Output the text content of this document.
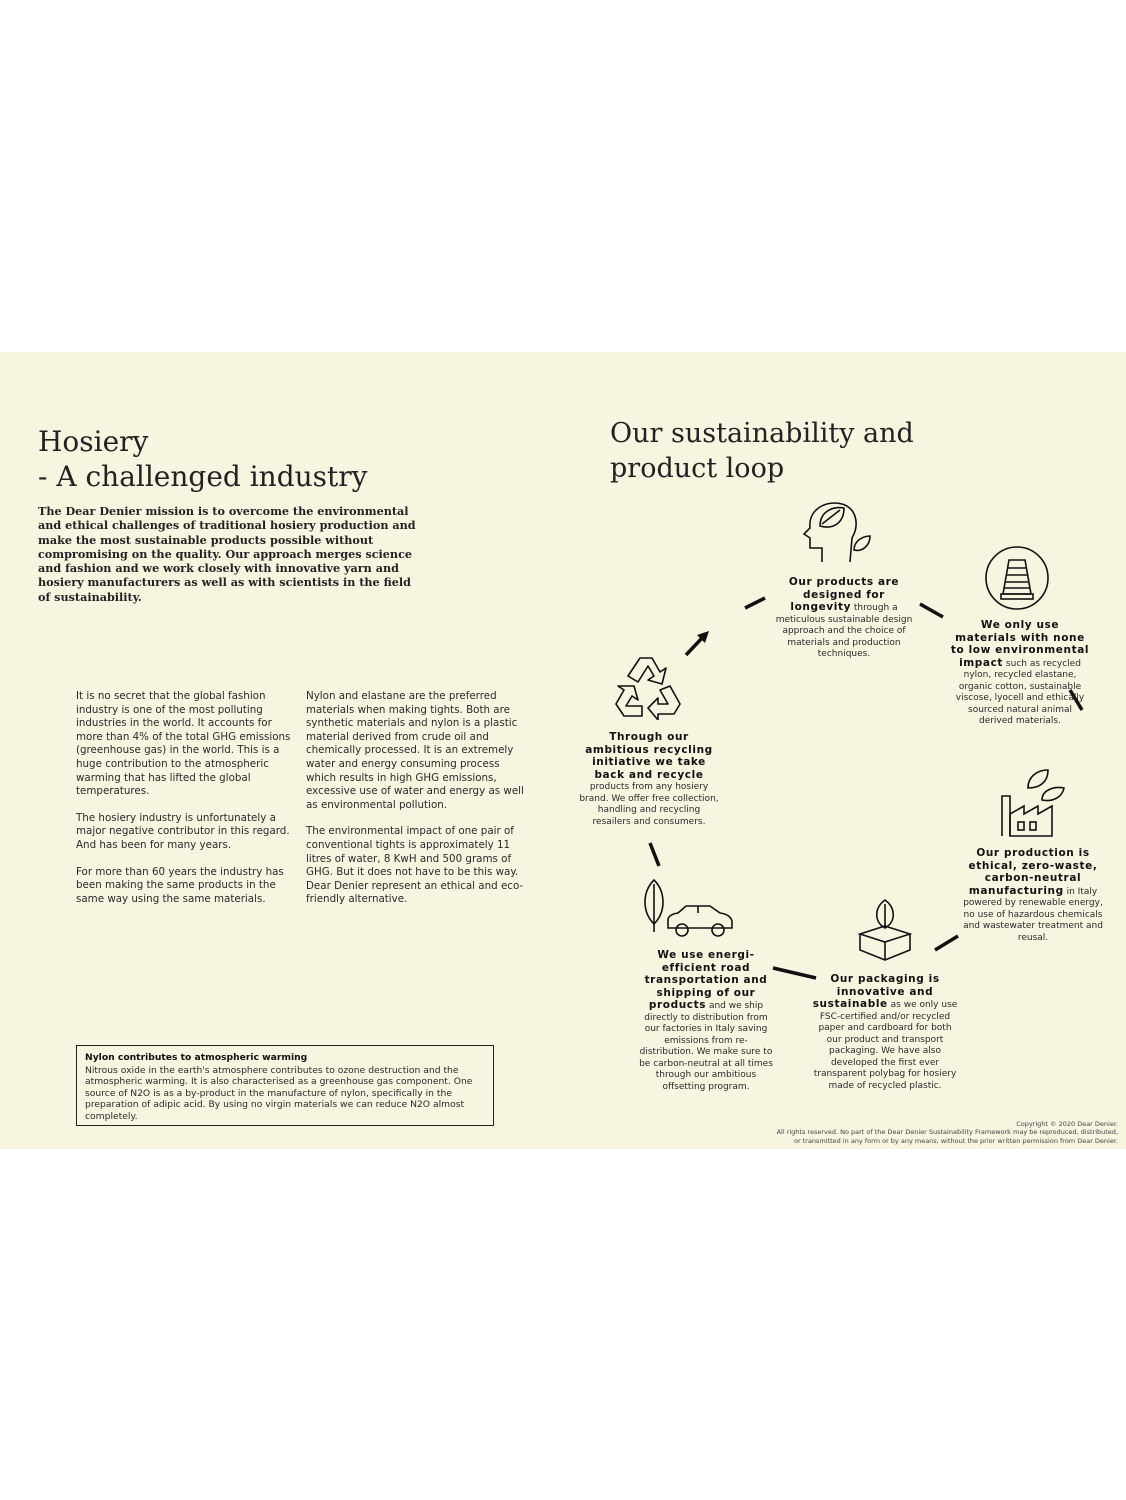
Hosiery
- A challenged industry
The Dear Denier mission is to overcome the environmental and ethical challenges of traditional hosiery production and make the most sustainable products possible without compromising on the quality. Our approach merges science and fashion and we work closely with innovative yarn and hosiery manufacturers as well as with scientists in the field of sustainability.

It is no secret that the global fashion industry is one of the most polluting industries in the world. It accounts for more than 4% of the total GHG emissions (greenhouse gas) in the world. This is a huge contribution to the atmospheric warming that has lifted the global temperatures.

The hosiery industry is unfortunately a major negative contributor in this regard. And has been for many years.

For more than 60 years the industry has been making the same products in the same way using the same materials.

Nylon and elastane are the preferred materials when making tights. Both are synthetic materials and nylon is a plastic material derived from crude oil and chemically processed. It is an extremely water and energy consuming process which results in high GHG emissions, excessive use of water and energy as well as environmental pollution.

The environmental impact of one pair of conventional tights is approximately 11 litres of water, 8 KwH and 500 grams of GHG. But it does not have to be this way. Dear Denier represent an ethical and eco-friendly alternative.

Nylon contributes to atmospheric warming
Nitrous oxide in the earth's atmosphere contributes to ozone destruction and the atmospheric warming. It is also characterised as a greenhouse gas component. One source of N2O is as a by-product in the manufacture of nylon, specifically in the preparation of adipic acid. By using no virgin materials we can reduce N2O almost completely.
Our sustainability and
product loop
Our products are designed for longevity through a meticulous sustainable design approach and the choice of materials and production techniques.
We only use materials with none to low environmental impact such as recycled nylon, recycled elastane, organic cotton, sustainable viscose, lyocell and ethically sourced natural animal derived materials.
Our production is ethical, zero-waste, carbon-neutral manufacturing in Italy powered by renewable energy, no use of hazardous chemicals and wastewater treatment and reusal.
Our packaging is innovative and sustainable as we only use FSC-certified and/or recycled paper and cardboard for both our product and transport packaging. We have also developed the first ever transparent polybag for hosiery made of recycled plastic.
We use energi-efficient road transportation and shipping of our products and we ship directly to distribution from our factories in Italy saving emissions from re-distribution. We make sure to be carbon-neutral at all times through our ambitious offsetting program.
Through our ambitious recycling initiative we take back and recycle products from any hosiery brand. We offer free collection, handling and recycling resailers and consumers.
Copyright © 2020 Dear Denier.
All rights reserved. No part of the Dear Denier Sustainability Framework may be reproduced, distributed,
or transmitted in any form or by any means, without the prior written permission from Dear Denier.
